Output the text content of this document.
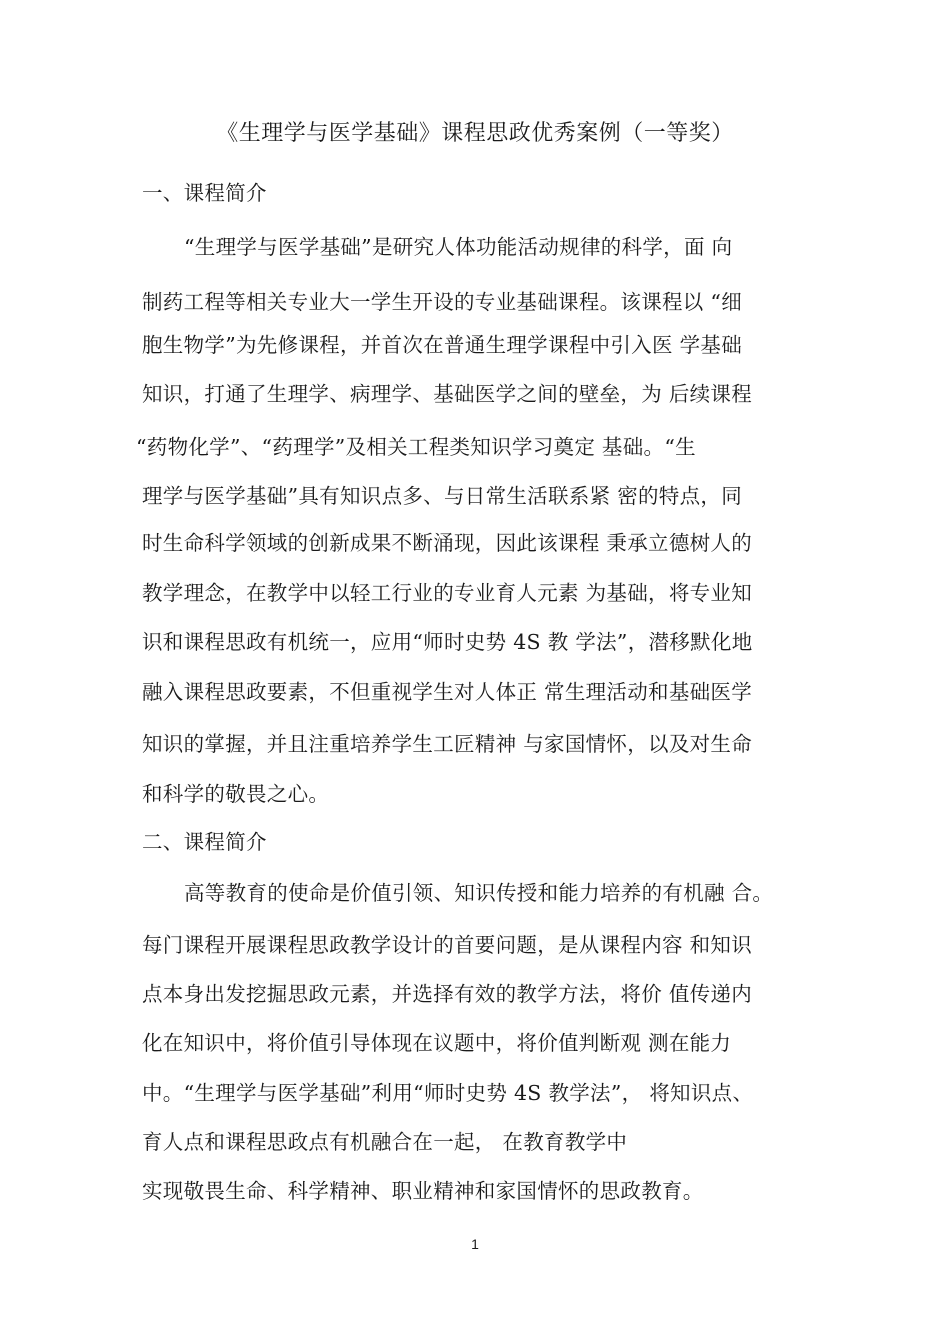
《生理学与医学基础》课程思政优秀案例（一等奖）
一、课程简介
“生理学与医学基础”是研究人体功能活动规律的科学，面 向
制药工程等相关专业大一学生开设的专业基础课程。该课程以 “细
胞生物学”为先修课程，并首次在普通生理学课程中引入医 学基础
知识，打通了生理学、病理学、基础医学之间的壁垒，为 后续课程
“药物化学”、“药理学”及相关工程类知识学习奠定 基础。“生
理学与医学基础”具有知识点多、与日常生活联系紧 密的特点，同
时生命科学领域的创新成果不断涌现，因此该课程 秉承立德树人的
教学理念，在教学中以轻工行业的专业育人元素 为基础，将专业知
识和课程思政有机统一，应用“师时史势 4S 教 学法”，潜移默化地
融入课程思政要素，不但重视学生对人体正 常生理活动和基础医学
知识的掌握，并且注重培养学生工匠精神 与家国情怀，以及对生命
和科学的敬畏之心。
二、课程简介
高等教育的使命是价值引领、知识传授和能力培养的有机融 合。
每门课程开展课程思政教学设计的首要问题，是从课程内容 和知识
点本身出发挖掘思政元素，并选择有效的教学方法，将价 值传递内
化在知识中，将价值引导体现在议题中，将价值判断观 测在能力
中。“生理学与医学基础”利用“师时史势 4S 教学法”， 将知识点、
育人点和课程思政点有机融合在一起， 在教育教学中
实现敬畏生命、科学精神、职业精神和家国情怀的思政教育。
1
